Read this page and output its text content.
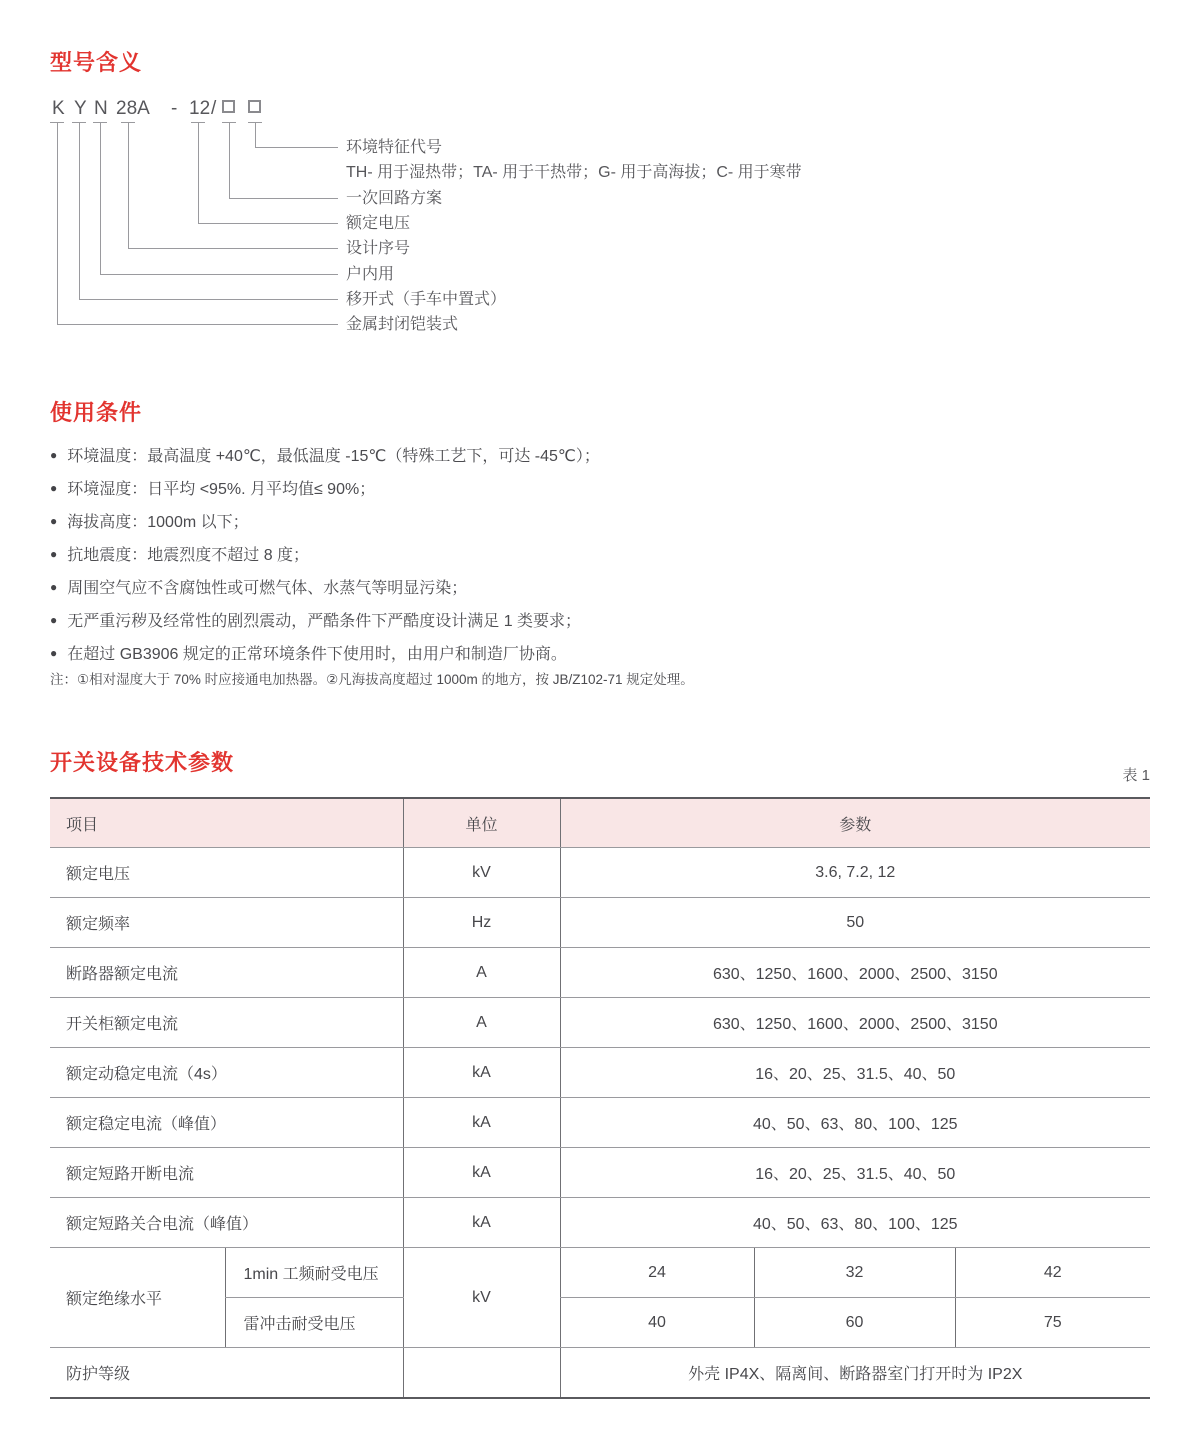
型号含义
K Y N 28A - 12 /
环境特征代号
TH- 用于湿热带；TA- 用于干热带；G- 用于高海拔；C- 用于寒带
一次回路方案
额定电压
设计序号
户内用
移开式（手车中置式）
金属封闭铠装式
使用条件
● 环境温度：最高温度 +40℃，最低温度 -15℃（特殊工艺下，可达 -45℃）；
● 环境湿度：日平均 <95%. 月平均值≤ 90%；
● 海拔高度：1000m 以下；
● 抗地震度：地震烈度不超过 8 度；
● 周围空气应不含腐蚀性或可燃气体、水蒸气等明显污染；
● 无严重污秽及经常性的剧烈震动，严酷条件下严酷度设计满足 1 类要求；
● 在超过 GB3906 规定的正常环境条件下使用时，由用户和制造厂协商。
注：①相对湿度大于 70% 时应接通电加热器。②凡海拔高度超过 1000m 的地方，按 JB/Z102-71 规定处理。
开关设备技术参数
表 1
项目		单位	参数		
额定电压		kV	3.6, 7.2, 12		
额定频率		Hz	50		
断路器额定电流		A	630、1250、1600、2000、2500、3150		
开关柜额定电流		A	630、1250、1600、2000、2500、3150		
额定动稳定电流（4s）		kA	16、20、25、31.5、40、50		
额定稳定电流（峰值）		kA	40、50、63、80、100、125		
额定短路开断电流		kA	16、20、25、31.5、40、50		
额定短路关合电流（峰值）		kA	40、50、63、80、100、125		
额定绝缘水平	1min 工频耐受电压	kV	24	32	42
	雷冲击耐受电压		40	60	75
防护等级			外壳 IP4X、隔离间、断路器室门打开时为 IP2X		
